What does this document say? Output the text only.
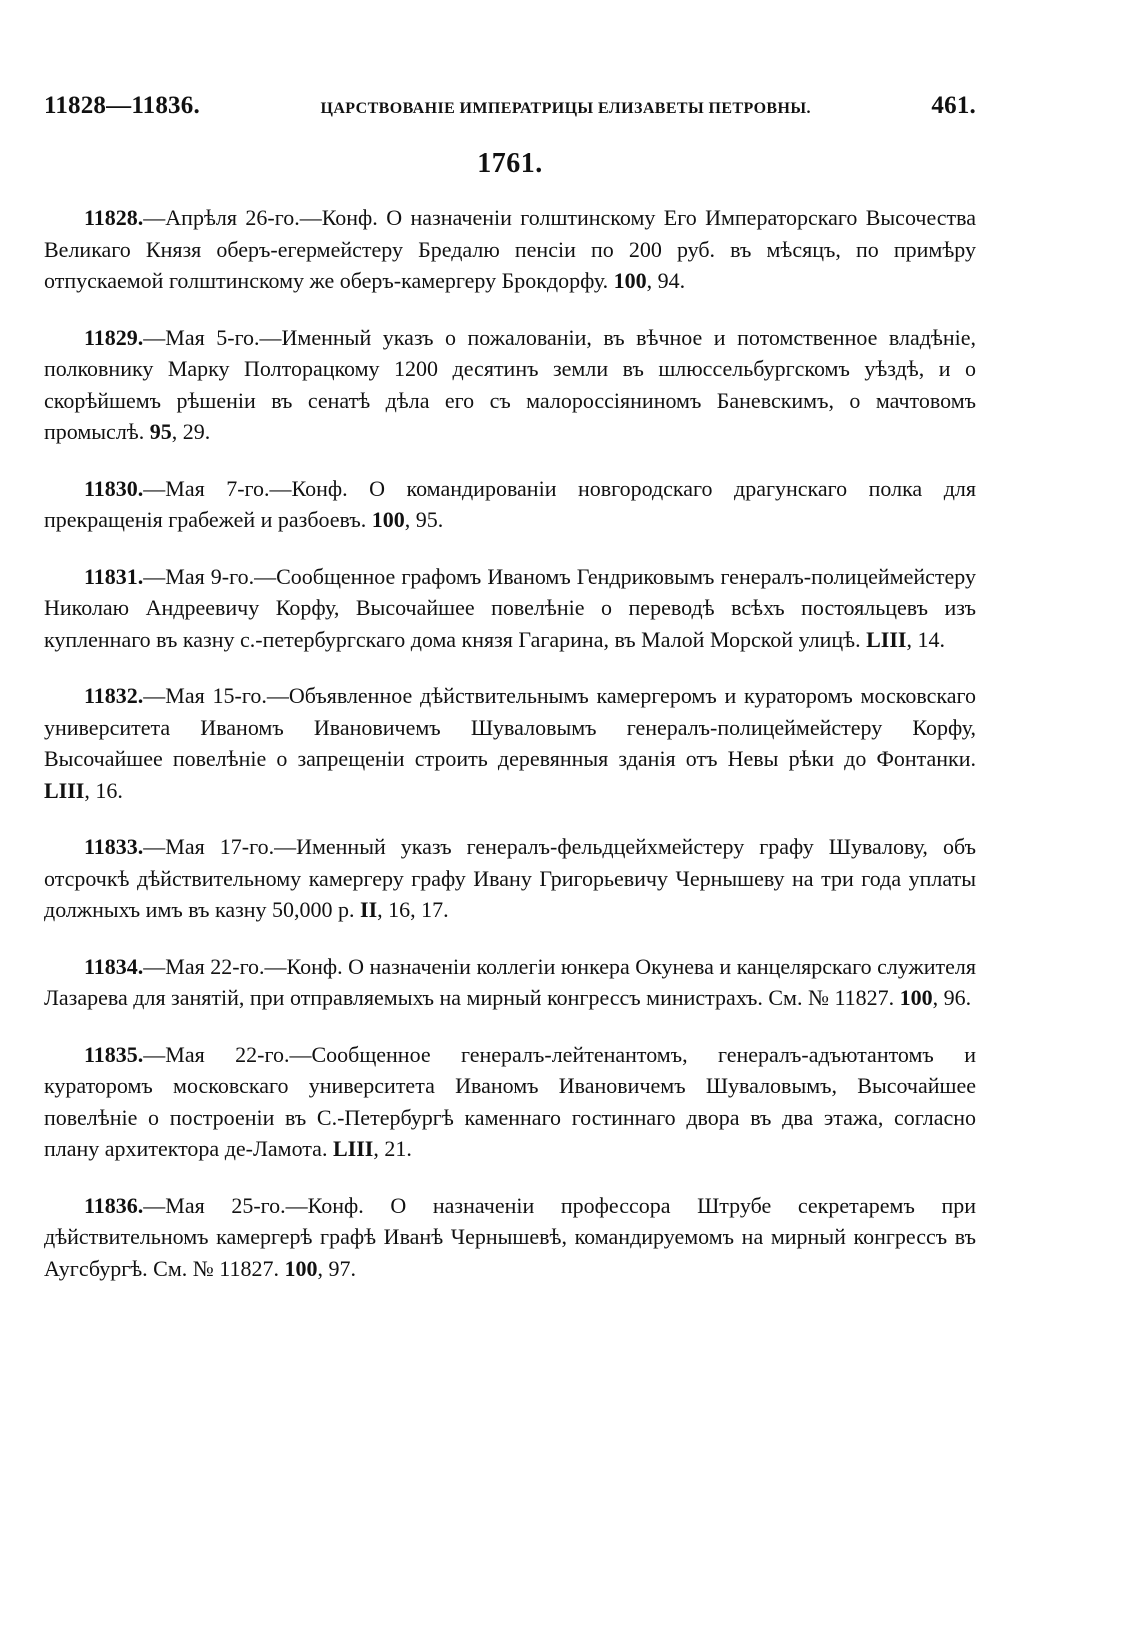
11828—11836.	ЦАРСТВОВАНІЕ ИМПЕРАТРИЦЫ ЕЛИЗАВЕТЫ ПЕТРОВНЫ.	461.
1761.

11828.—Апрѣля 26-го.—Конф. О назначеніи голштинскому Его Императорскаго Высочества Великаго Князя оберъ-егермейстеру Бредалю пенсіи по 200 руб. въ мѣсяцъ, по примѣру отпускаемой голштинскому же оберъ-камергеру Брокдорфу. 100, 94.

11829.—Мая 5-го.—Именный указъ о пожалованіи, въ вѣчное и потомственное владѣніе, полковнику Марку Полторацкому 1200 десятинъ земли въ шлюссельбургскомъ уѣздѣ, и о скорѣйшемъ рѣшеніи въ сенатѣ дѣла его съ малороссіяниномъ Баневскимъ, о мачтовомъ промыслѣ. 95, 29.

11830.—Мая 7-го.—Конф. О командированіи новгородскаго драгунскаго полка для прекращенія грабежей и разбоевъ. 100, 95.

11831.—Мая 9-го.—Сообщенное графомъ Иваномъ Гендриковымъ генералъ-полицеймейстеру Николаю Андреевичу Корфу, Высочайшее повелѣніе о переводѣ всѣхъ постояльцевъ изъ купленнаго въ казну с.-петербургскаго дома князя Гагарина, въ Малой Морской улицѣ. LIII, 14.

11832.—Мая 15-го.—Объявленное дѣйствительнымъ камергеромъ и кураторомъ московскаго университета Иваномъ Ивановичемъ Шуваловымъ генералъ-полицеймейстеру Корфу, Высочайшее повелѣніе о запрещеніи строить деревянныя зданія отъ Невы рѣки до Фонтанки. LIII, 16.

11833.—Мая 17-го.—Именный указъ генералъ-фельдцейхмейстеру графу Шувалову, объ отсрочкѣ дѣйствительному камергеру графу Ивану Григорьевичу Чернышеву на три года уплаты должныхъ имъ въ казну 50,000 р. II, 16, 17.

11834.—Мая 22-го.—Конф. О назначеніи коллегіи юнкера Окунева и канцелярскаго служителя Лазарева для занятій, при отправляемыхъ на мирный конгрессъ министрахъ. См. № 11827. 100, 96.

11835.—Мая 22-го.—Сообщенное генералъ-лейтенантомъ, генералъ-адъютантомъ и кураторомъ московскаго университета Иваномъ Ивановичемъ Шуваловымъ, Высочайшее повелѣніе о построеніи въ С.-Петербургѣ каменнаго гостиннаго двора въ два этажа, согласно плану архитектора де-Ламота. LIII, 21.

11836.—Мая 25-го.—Конф. О назначеніи профессора Штрубе секретаремъ при дѣйствительномъ камергерѣ графѣ Иванѣ Чернышевѣ, командируемомъ на мирный конгрессъ въ Аугсбургѣ. См. № 11827. 100, 97.
